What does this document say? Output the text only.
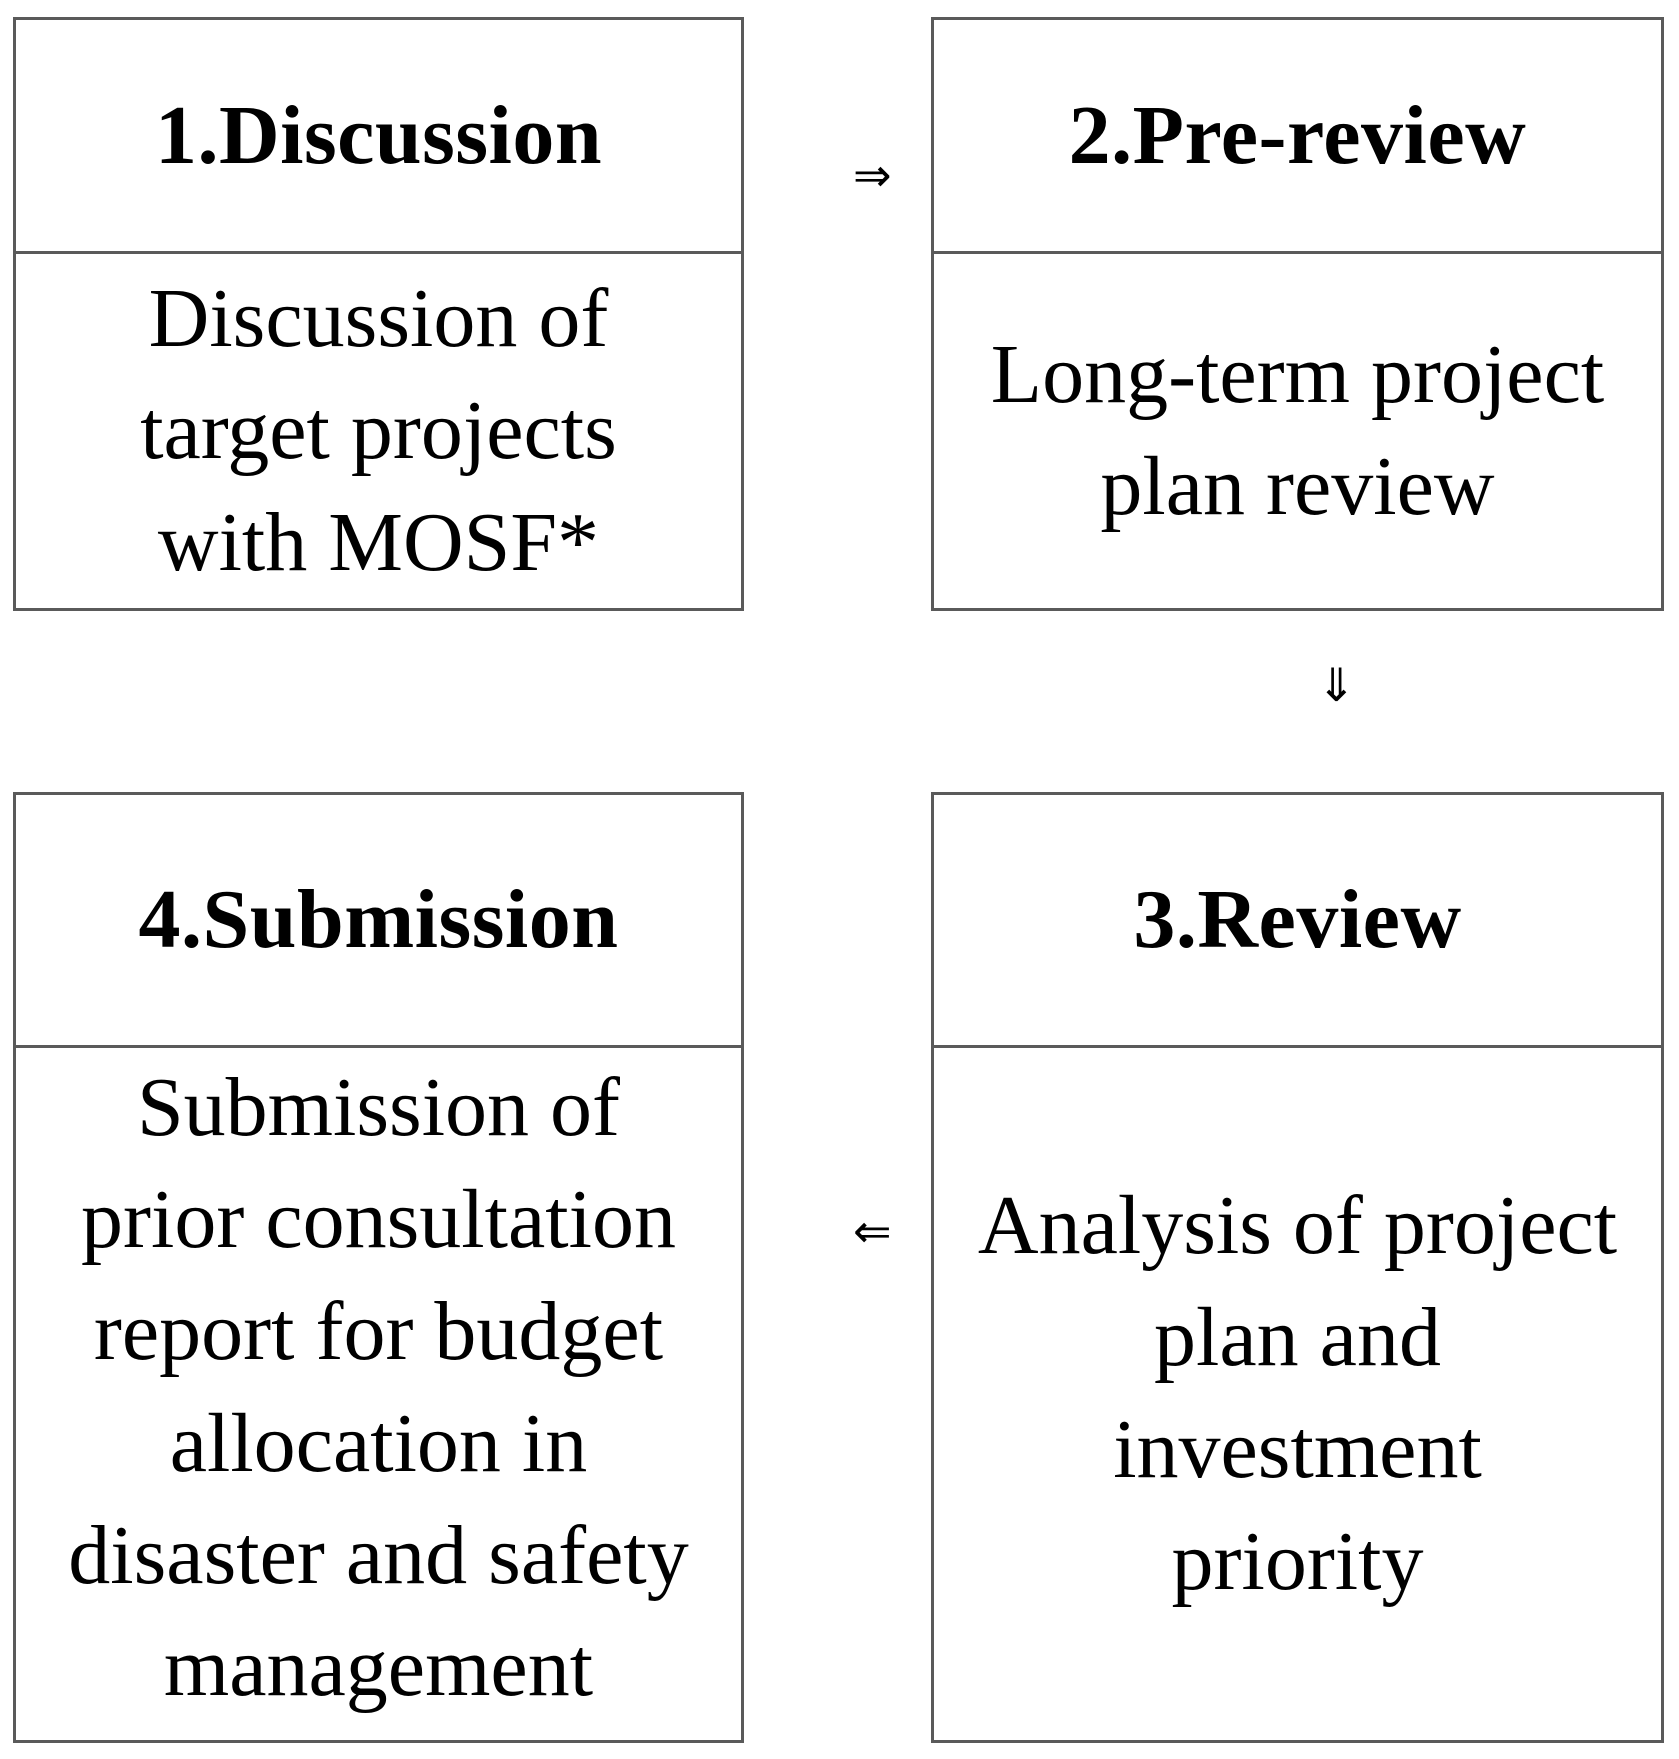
1.Discussion
Discussion of
target projects
with MOSF*
⇒	2.Pre-review
Long-term project
plan review
⇓
4.Submission
Submission of
prior consultation
report for budget
allocation in
disaster and safety
management
⇐
3.Review
Analysis of project
plan and
investment
priority
